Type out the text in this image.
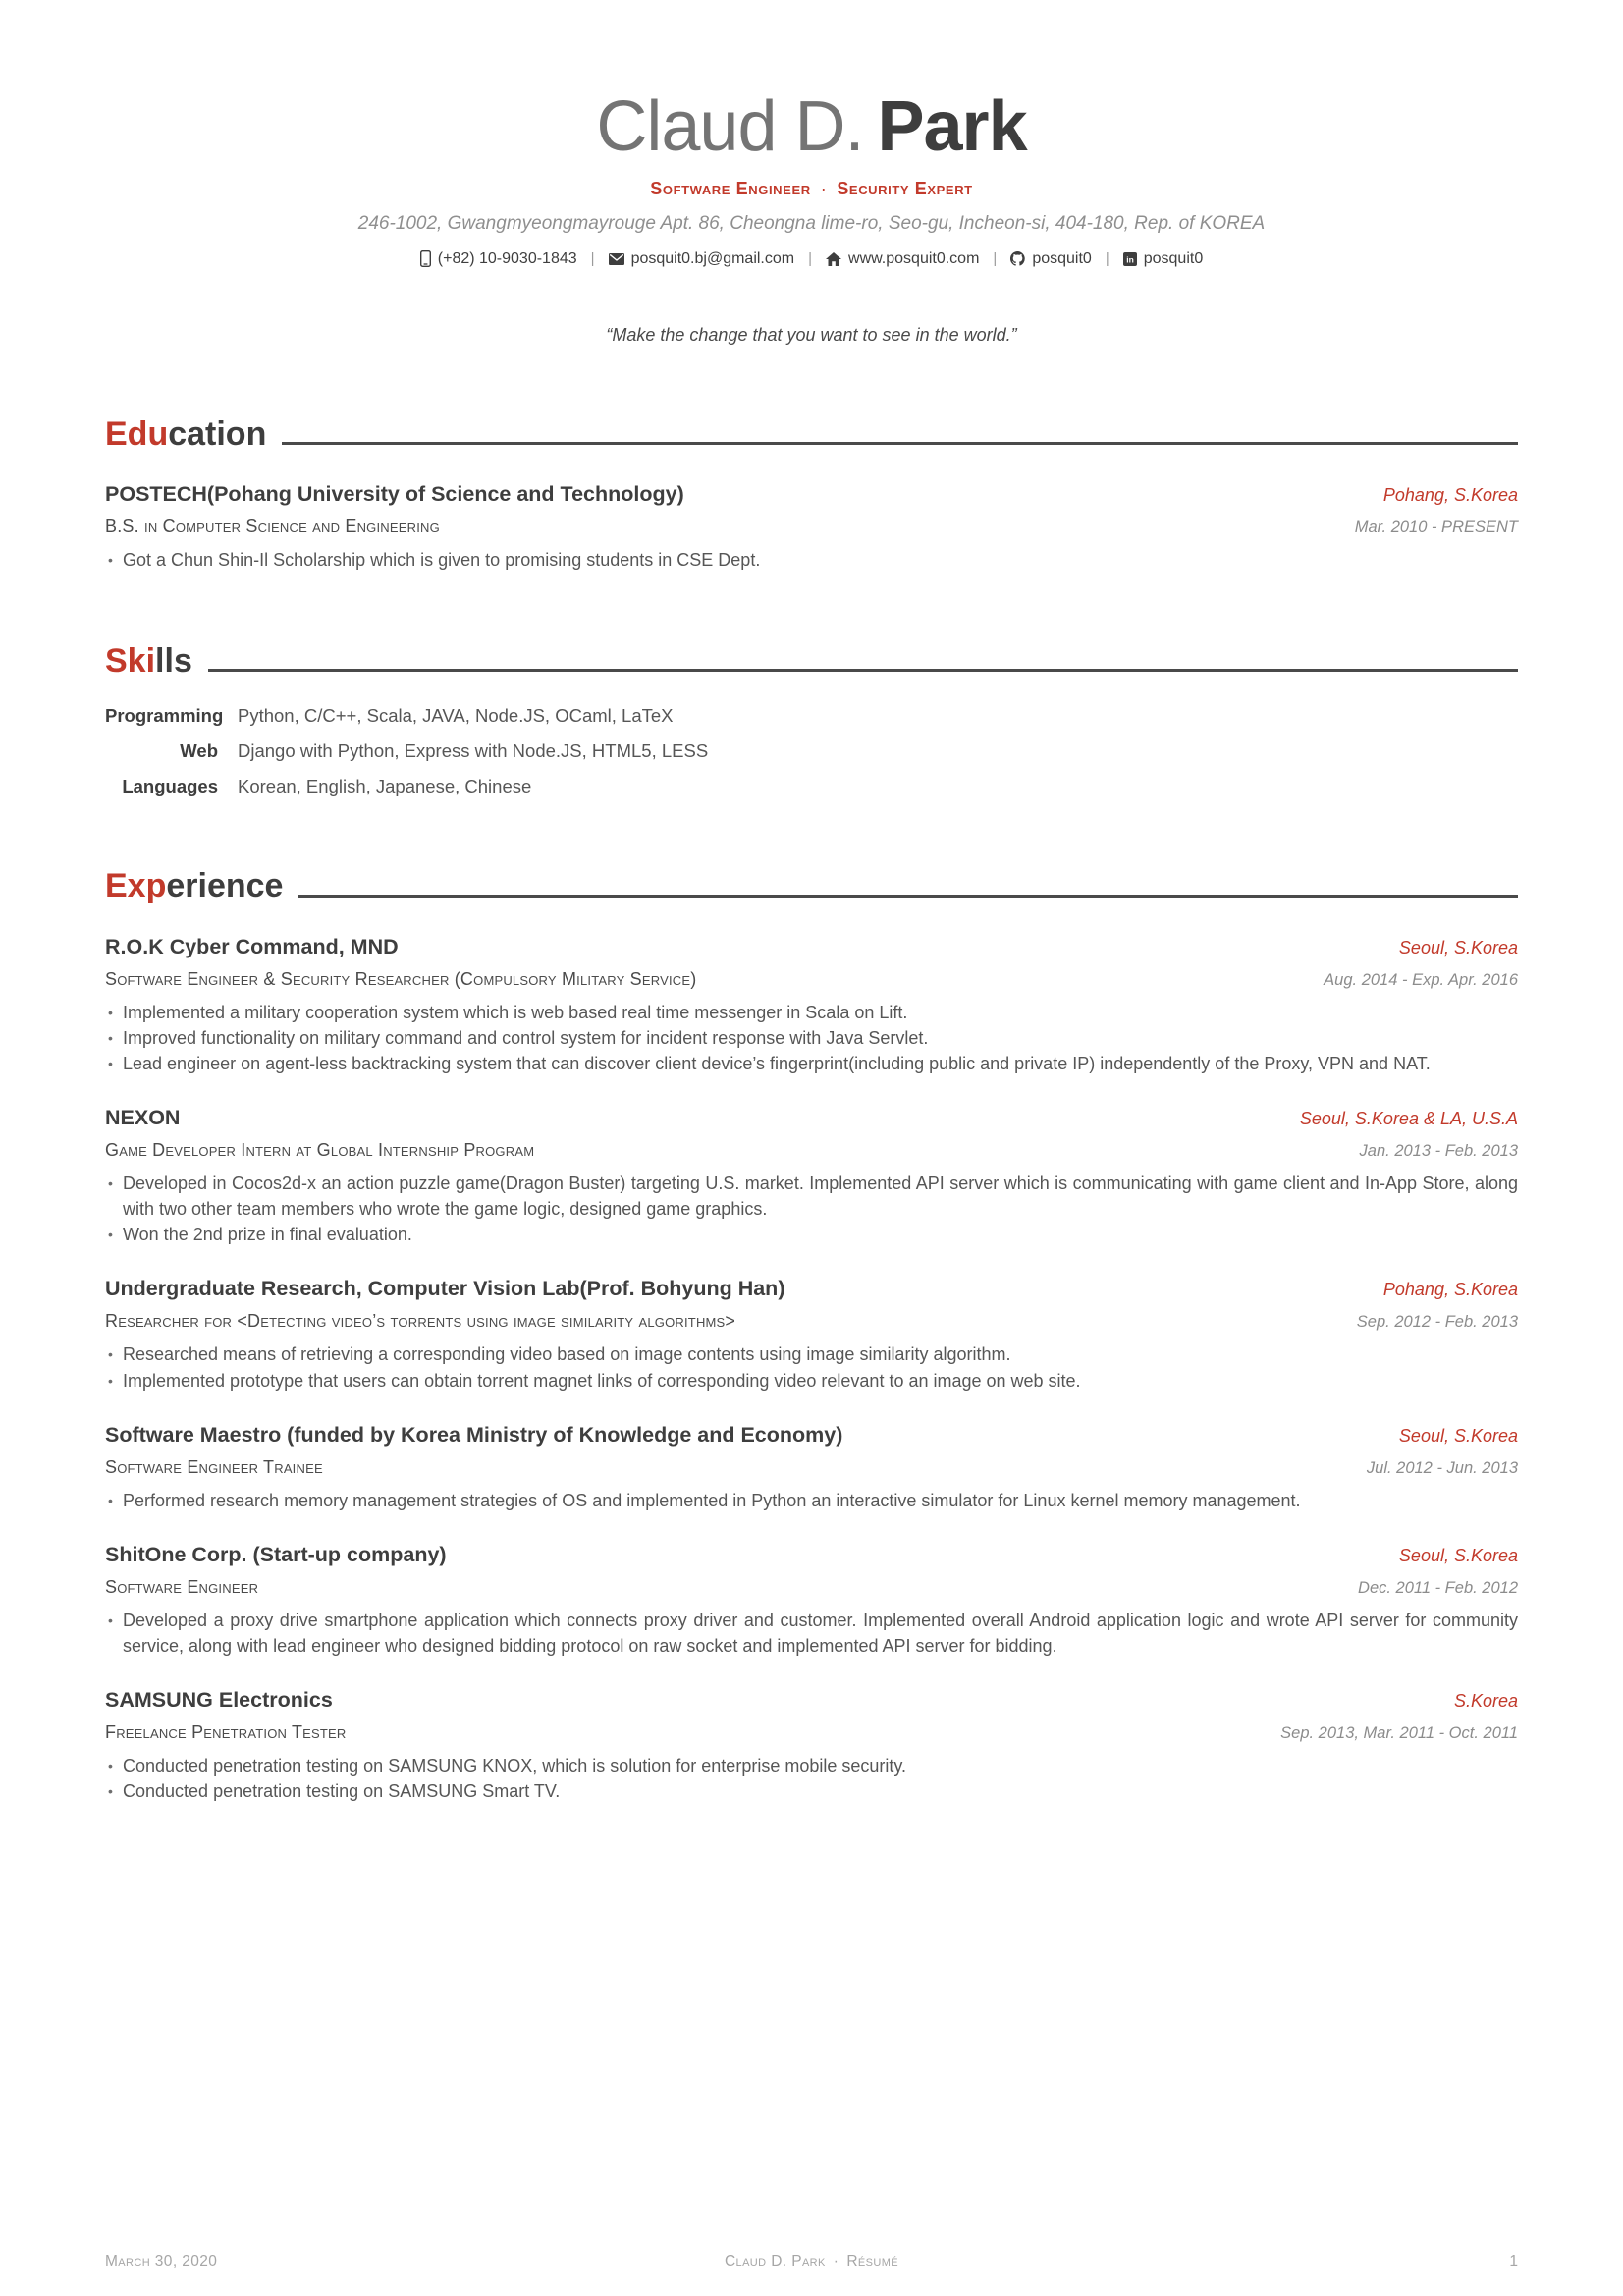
Claud D. Park
Software Engineer · Security Expert
246-1002, Gwangmyeongmayrouge Apt. 86, Cheongna lime-ro, Seo-gu, Incheon-si, 404-180, Rep. of KOREA
(+82) 10-9030-1843 | posquit0.bj@gmail.com | www.posquit0.com | posquit0 | in posquit0
“Make the change that you want to see in the world.”
Edu cation
POSTECH(Pohang University of Science and Technology)	Pohang, S.Korea
B.S. in Computer Science and Engineering	Mar. 2010 - PRESENT
• Got a Chun Shin-Il Scholarship which is given to promising students in CSE Dept.
Ski lls
Programming Python, C/C++, Scala, JAVA, Node.JS, OCaml, LaTeX
Web Django with Python, Express with Node.JS, HTML5, LESS
Languages Korean, English, Japanese, Chinese
Exp erience
R.O.K Cyber Command, MND	Seoul, S.Korea
Software Engineer & Security Researcher (Compulsory Military Service)	Aug. 2014 - Exp. Apr. 2016
• Implemented a military cooperation system which is web based real time messenger in Scala on Lift.
• Improved functionality on military command and control system for incident response with Java Servlet.
• Lead engineer on agent-less backtracking system that can discover client device’s fingerprint(including public and private IP) independently of the Proxy, VPN and NAT.
NEXON	Seoul, S.Korea & LA, U.S.A
Game Developer Intern at Global Internship Program	Jan. 2013 - Feb. 2013
• Developed in Cocos2d-x an action puzzle game(Dragon Buster) targeting U.S. market. Implemented API server which is communicating with game client and In-App Store, along with two other team members who wrote the game logic, designed game graphics.
• Won the 2nd prize in final evaluation.
Undergraduate Research, Computer Vision Lab(Prof. Bohyung Han)	Pohang, S.Korea
Researcher for <Detecting video’s torrents using image similarity algorithms>	Sep. 2012 - Feb. 2013
• Researched means of retrieving a corresponding video based on image contents using image similarity algorithm.
• Implemented prototype that users can obtain torrent magnet links of corresponding video relevant to an image on web site.
Software Maestro (funded by Korea Ministry of Knowledge and Economy)	Seoul, S.Korea
Software Engineer Trainee	Jul. 2012 - Jun. 2013
• Performed research memory management strategies of OS and implemented in Python an interactive simulator for Linux kernel memory management.
ShitOne Corp. (Start-up company)	Seoul, S.Korea
Software Engineer	Dec. 2011 - Feb. 2012
• Developed a proxy drive smartphone application which connects proxy driver and customer. Implemented overall Android application logic and wrote API server for community service, along with lead engineer who designed bidding protocol on raw socket and implemented API server for bidding.
SAMSUNG Electronics	S.Korea
Freelance Penetration Tester	Sep. 2013, Mar. 2011 - Oct. 2011
• Conducted penetration testing on SAMSUNG KNOX, which is solution for enterprise mobile security.
• Conducted penetration testing on SAMSUNG Smart TV.
March 30, 2020	Claud D. Park · Résumé	1
